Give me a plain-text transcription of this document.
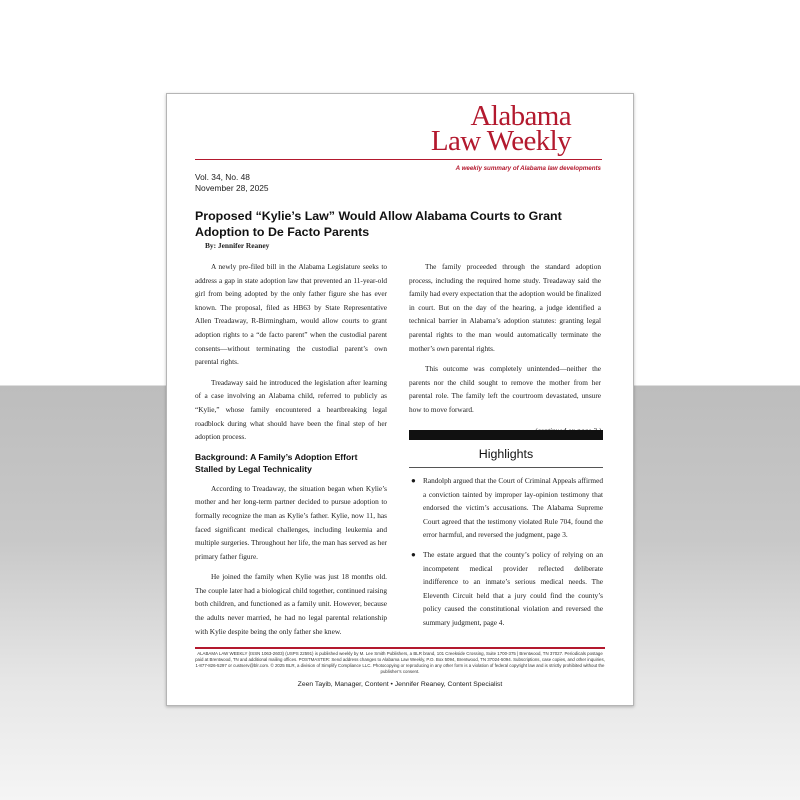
Alabama
Law Weekly
A weekly summary of Alabama law developments
Vol. 34, No. 48
November 28, 2025
Proposed “Kylie’s Law” Would Allow Alabama Courts to Grant Adoption to De Facto Parents
By: Jennifer Reaney

A newly pre-filed bill in the Alabama Legislature seeks to address a gap in state adoption law that prevented an 11-year-old girl from being adopted by the only father figure she has ever known. The proposal, filed as HB63 by State Representative Allen Treadaway, R-Birmingham, would allow courts to grant adoption rights to a “de facto parent” when the custodial parent consents—without terminating the custodial parent’s own parental rights.

Treadaway said he introduced the legislation after learning of a case involving an Alabama child, referred to publicly as “Kylie,” whose family encountered a heartbreaking legal roadblock during what should have been the final step of her adoption process.

Background: A Family’s Adoption Effort Stalled by Legal Technicality

According to Treadaway, the situation began when Kylie’s mother and her long-term partner decided to pursue adoption to formally recognize the man as Kylie’s father. Kylie, now 11, has faced significant medical challenges, including leukemia and multiple surgeries. Throughout her life, the man has served as her primary father figure.

He joined the family when Kylie was just 18 months old. The couple later had a biological child together, continued raising both children, and functioned as a family unit. However, because the adults never married, he had no legal parental relationship with Kylie despite being the only father she knew.

The family proceeded through the standard adoption process, including the required home study. Treadaway said the family had every expectation that the adoption would be finalized in court. But on the day of the hearing, a judge identified a technical barrier in Alabama’s adoption statutes: granting legal parental rights to the man would automatically terminate the mother’s own parental rights.

This outcome was completely unintended—neither the parents nor the child sought to remove the mother from her parental role. The family left the courtroom devastated, unsure how to move forward.

Highlights
● Randolph argued that the Court of Criminal Appeals affirmed a conviction tainted by improper lay-opinion testimony that endorsed the victim’s accusations. The Alabama Supreme Court agreed that the testimony violated Rule 704, found the error harmful, and reversed the judgment, page 3.
● The estate argued that the county’s policy of relying on an incompetent medical provider reflected deliberate indifference to an inmate’s serious medical needs. The Eleventh Circuit held that a jury could find the county’s policy caused the constitutional violation and reversed the summary judgment, page 4.
ALABAMA LAW WEEKLY (ISSN 1063-2603) (USPS 22591) is published weekly by M. Lee Smith Publishers, a BLR brand, 101 Creekside Crossing, Suite 1700-375 | Brentwood, TN 37027. Periodicals postage paid at Brentwood, TN and additional mailing offices. POSTMASTER: Send address changes to Alabama Law Weekly, P.O. Box 5094, Brentwood, TN 37024-5094. Subscriptions, case copies, and other inquiries, 1-877-826-5297 or custserv@blr.com. © 2025 BLR, a division of Simplify Compliance LLC. Photocopying or reproducing in any other form is a violation of federal copyright law and is strictly prohibited without the publisher’s consent.
Zeen Tayib, Manager, Content • Jennifer Reaney, Content Specialist
